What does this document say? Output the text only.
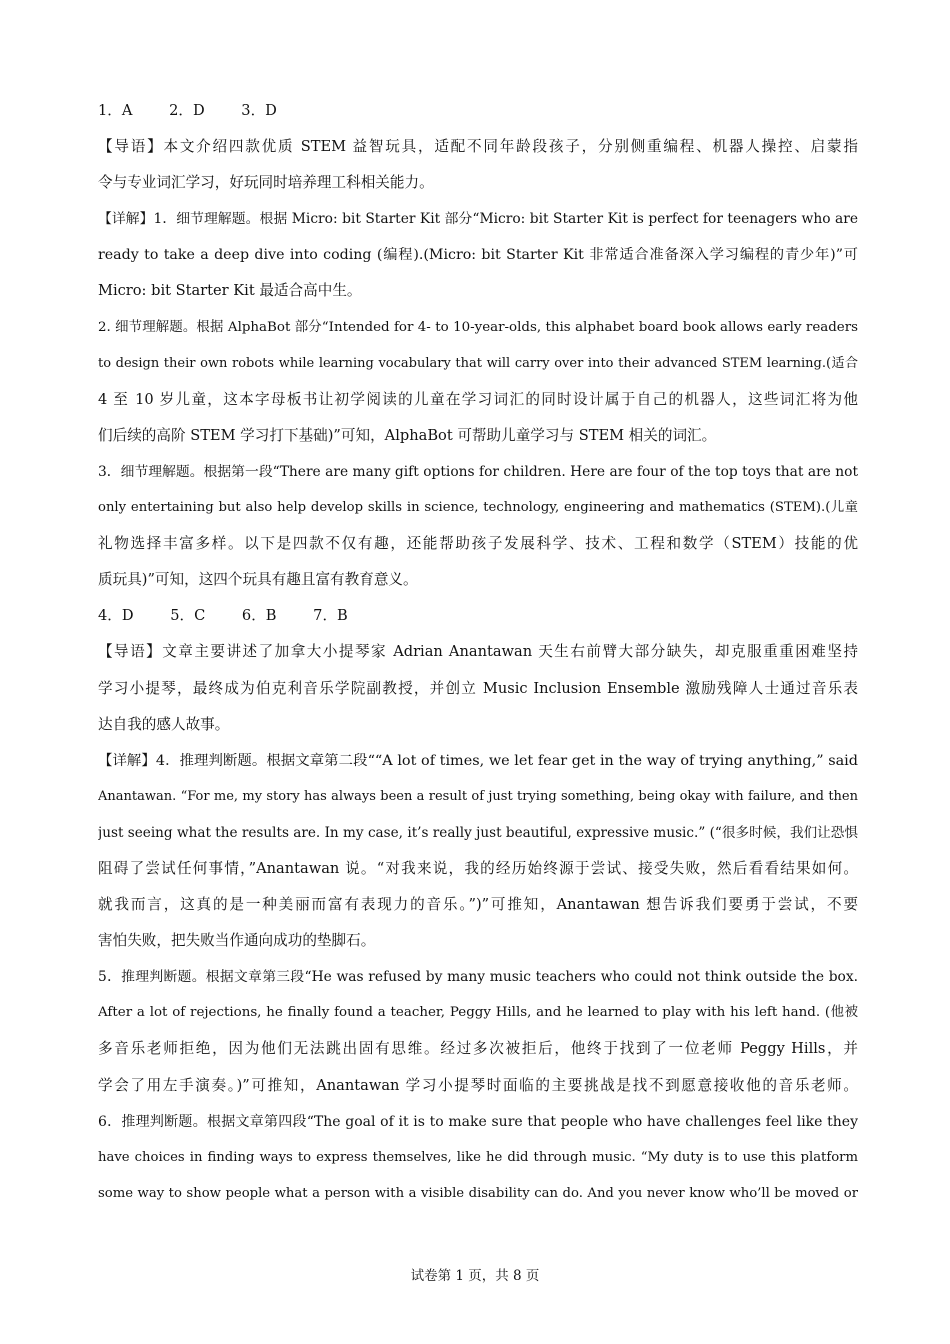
1．A	2．D	3．D
【导语】本文介绍四款优质 STEM 益智玩具，适配不同年龄段孩子，分别侧重编程、机器人操控、启蒙指
令与专业词汇学习，好玩同时培养理工科相关能力。
【详解】1．细节理解题。根据 Micro: bit Starter Kit 部分“Micro: bit Starter Kit is perfect for teenagers who are
ready to take a deep dive into coding (编程).(Micro: bit Starter Kit 非常适合准备深入学习编程的青少年)”可
Micro: bit Starter Kit 最适合高中生。
2. 细节理解题。根据 AlphaBot 部分“Intended for 4- to 10-year-olds, this alphabet board book allows early readers
to design their own robots while learning vocabulary that will carry over into their advanced STEM learning.(适合
4 至 10 岁儿童，这本字母板书让初学阅读的儿童在学习词汇的同时设计属于自己的机器人，这些词汇将为他
们后续的高阶 STEM 学习打下基础)”可知，AlphaBot 可帮助儿童学习与 STEM 相关的词汇。
3．细节理解题。根据第一段“There are many gift options for children. Here are four of the top toys that are not
only entertaining but also help develop skills in science, technology, engineering and mathematics (STEM).(儿童
礼物选择丰富多样。以下是四款不仅有趣，还能帮助孩子发展科学、技术、工程和数学（STEM）技能的优
质玩具)”可知，这四个玩具有趣且富有教育意义。
4．D	5．C	6．B	7．B
【导语】文章主要讲述了加拿大小提琴家 Adrian Anantawan 天生右前臂大部分缺失，却克服重重困难坚持
学习小提琴，最终成为伯克利音乐学院副教授，并创立 Music Inclusion Ensemble 激励残障人士通过音乐表
达自我的感人故事。
【详解】4．推理判断题。根据文章第二段““A lot of times, we let fear get in the way of trying anything,” said
Anantawan. “For me, my story has always been a result of just trying something, being okay with failure, and then
just seeing what the results are. In my case, it’s really just beautiful, expressive music.” (“很多时候，我们让恐惧
阻碍了尝试任何事情，”Anantawan 说。“对我来说，我的经历始终源于尝试、接受失败，然后看看结果如何。
就我而言，这真的是一种美丽而富有表现力的音乐。”)”可推知，Anantawan 想告诉我们要勇于尝试，不要
害怕失败，把失败当作通向成功的垫脚石。
5．推理判断题。根据文章第三段“He was refused by many music teachers who could not think outside the box.
After a lot of rejections, he finally found a teacher, Peggy Hills, and he learned to play with his left hand. (他被
多音乐老师拒绝，因为他们无法跳出固有思维。经过多次被拒后，他终于找到了一位老师 Peggy Hills，并
学会了用左手演奏。)”可推知，Anantawan 学习小提琴时面临的主要挑战是找不到愿意接收他的音乐老师。
6．推理判断题。根据文章第四段“The goal of it is to make sure that people who have challenges feel like they
have choices in finding ways to express themselves, like he did through music. “My duty is to use this platform
some way to show people what a person with a visible disability can do. And you never know who’ll be moved or
试卷第 1 页，共 8 页
